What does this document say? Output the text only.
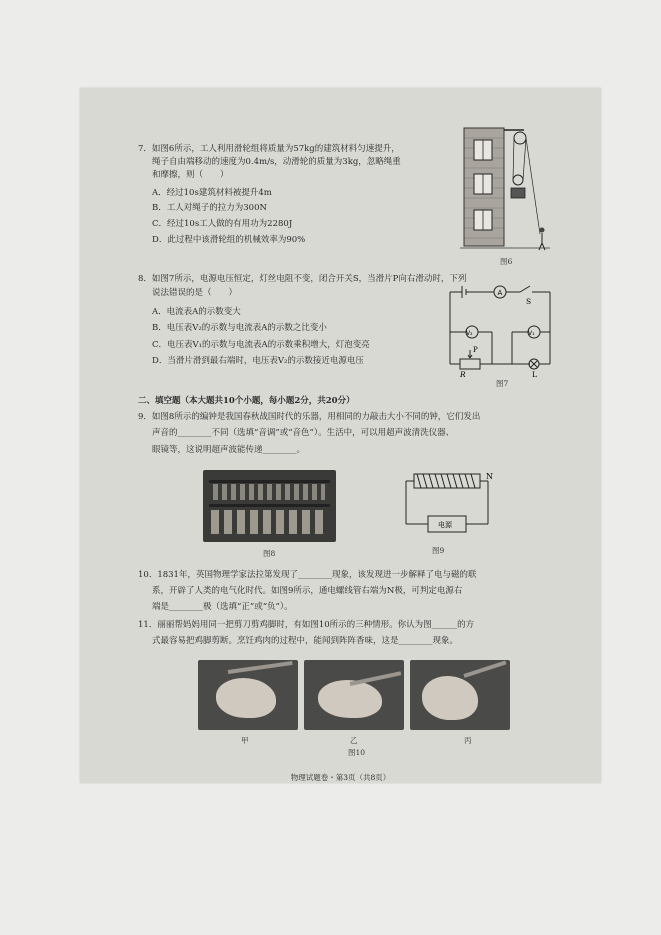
7．如图6所示，工人利用滑轮组将质量为57kg的建筑材料匀速提升，
绳子自由端移动的速度为0.4m/s，动滑轮的质量为3kg，忽略绳重
和摩擦，则（　　）
A．经过10s建筑材料被提升4m
B．工人对绳子的拉力为300N
C．经过10s工人做的有用功为2280J
D．此过程中该滑轮组的机械效率为90%
图6
8．如图7所示，电源电压恒定，灯丝电阻不变，闭合开关S，当滑片P向右滑动时，下列
说法错误的是（　　）
A．电流表A的示数变大
B．电压表V₂的示数与电流表A的示数之比变小
C．电压表V₁的示数与电流表A的示数乘积增大，灯泡变亮
D．当滑片滑到最右端时，电压表V₂的示数接近电源电压
A
S
V₂	V₁
P
R	L
图7
二、填空题（本大题共10个小题，每小题2分，共20分）
9．如图8所示的编钟是我国春秋战国时代的乐器，用相同的力敲击大小不同的钟，它们发出
声音的________不同（选填“音调”或“音色”）。生活中，可以用超声波清洗仪器、
眼镜等，这说明超声波能传递________。
图8
N
电源
图9
10．1831年，英国物理学家法拉第发现了________现象，该发现进一步解释了电与磁的联
系，开辟了人类的电气化时代。如图9所示，通电螺线管右端为N极，可判定电源右
端是________极（选填“正”或“负”）。
11．丽丽帮妈妈用同一把剪刀剪鸡脚时，有如图10所示的三种情形。你认为图______的方
式最容易把鸡脚剪断。烹饪鸡肉的过程中，能闻到阵阵香味，这是________现象。
甲	乙	丙
图10
物理试题卷・第3页（共8页）
